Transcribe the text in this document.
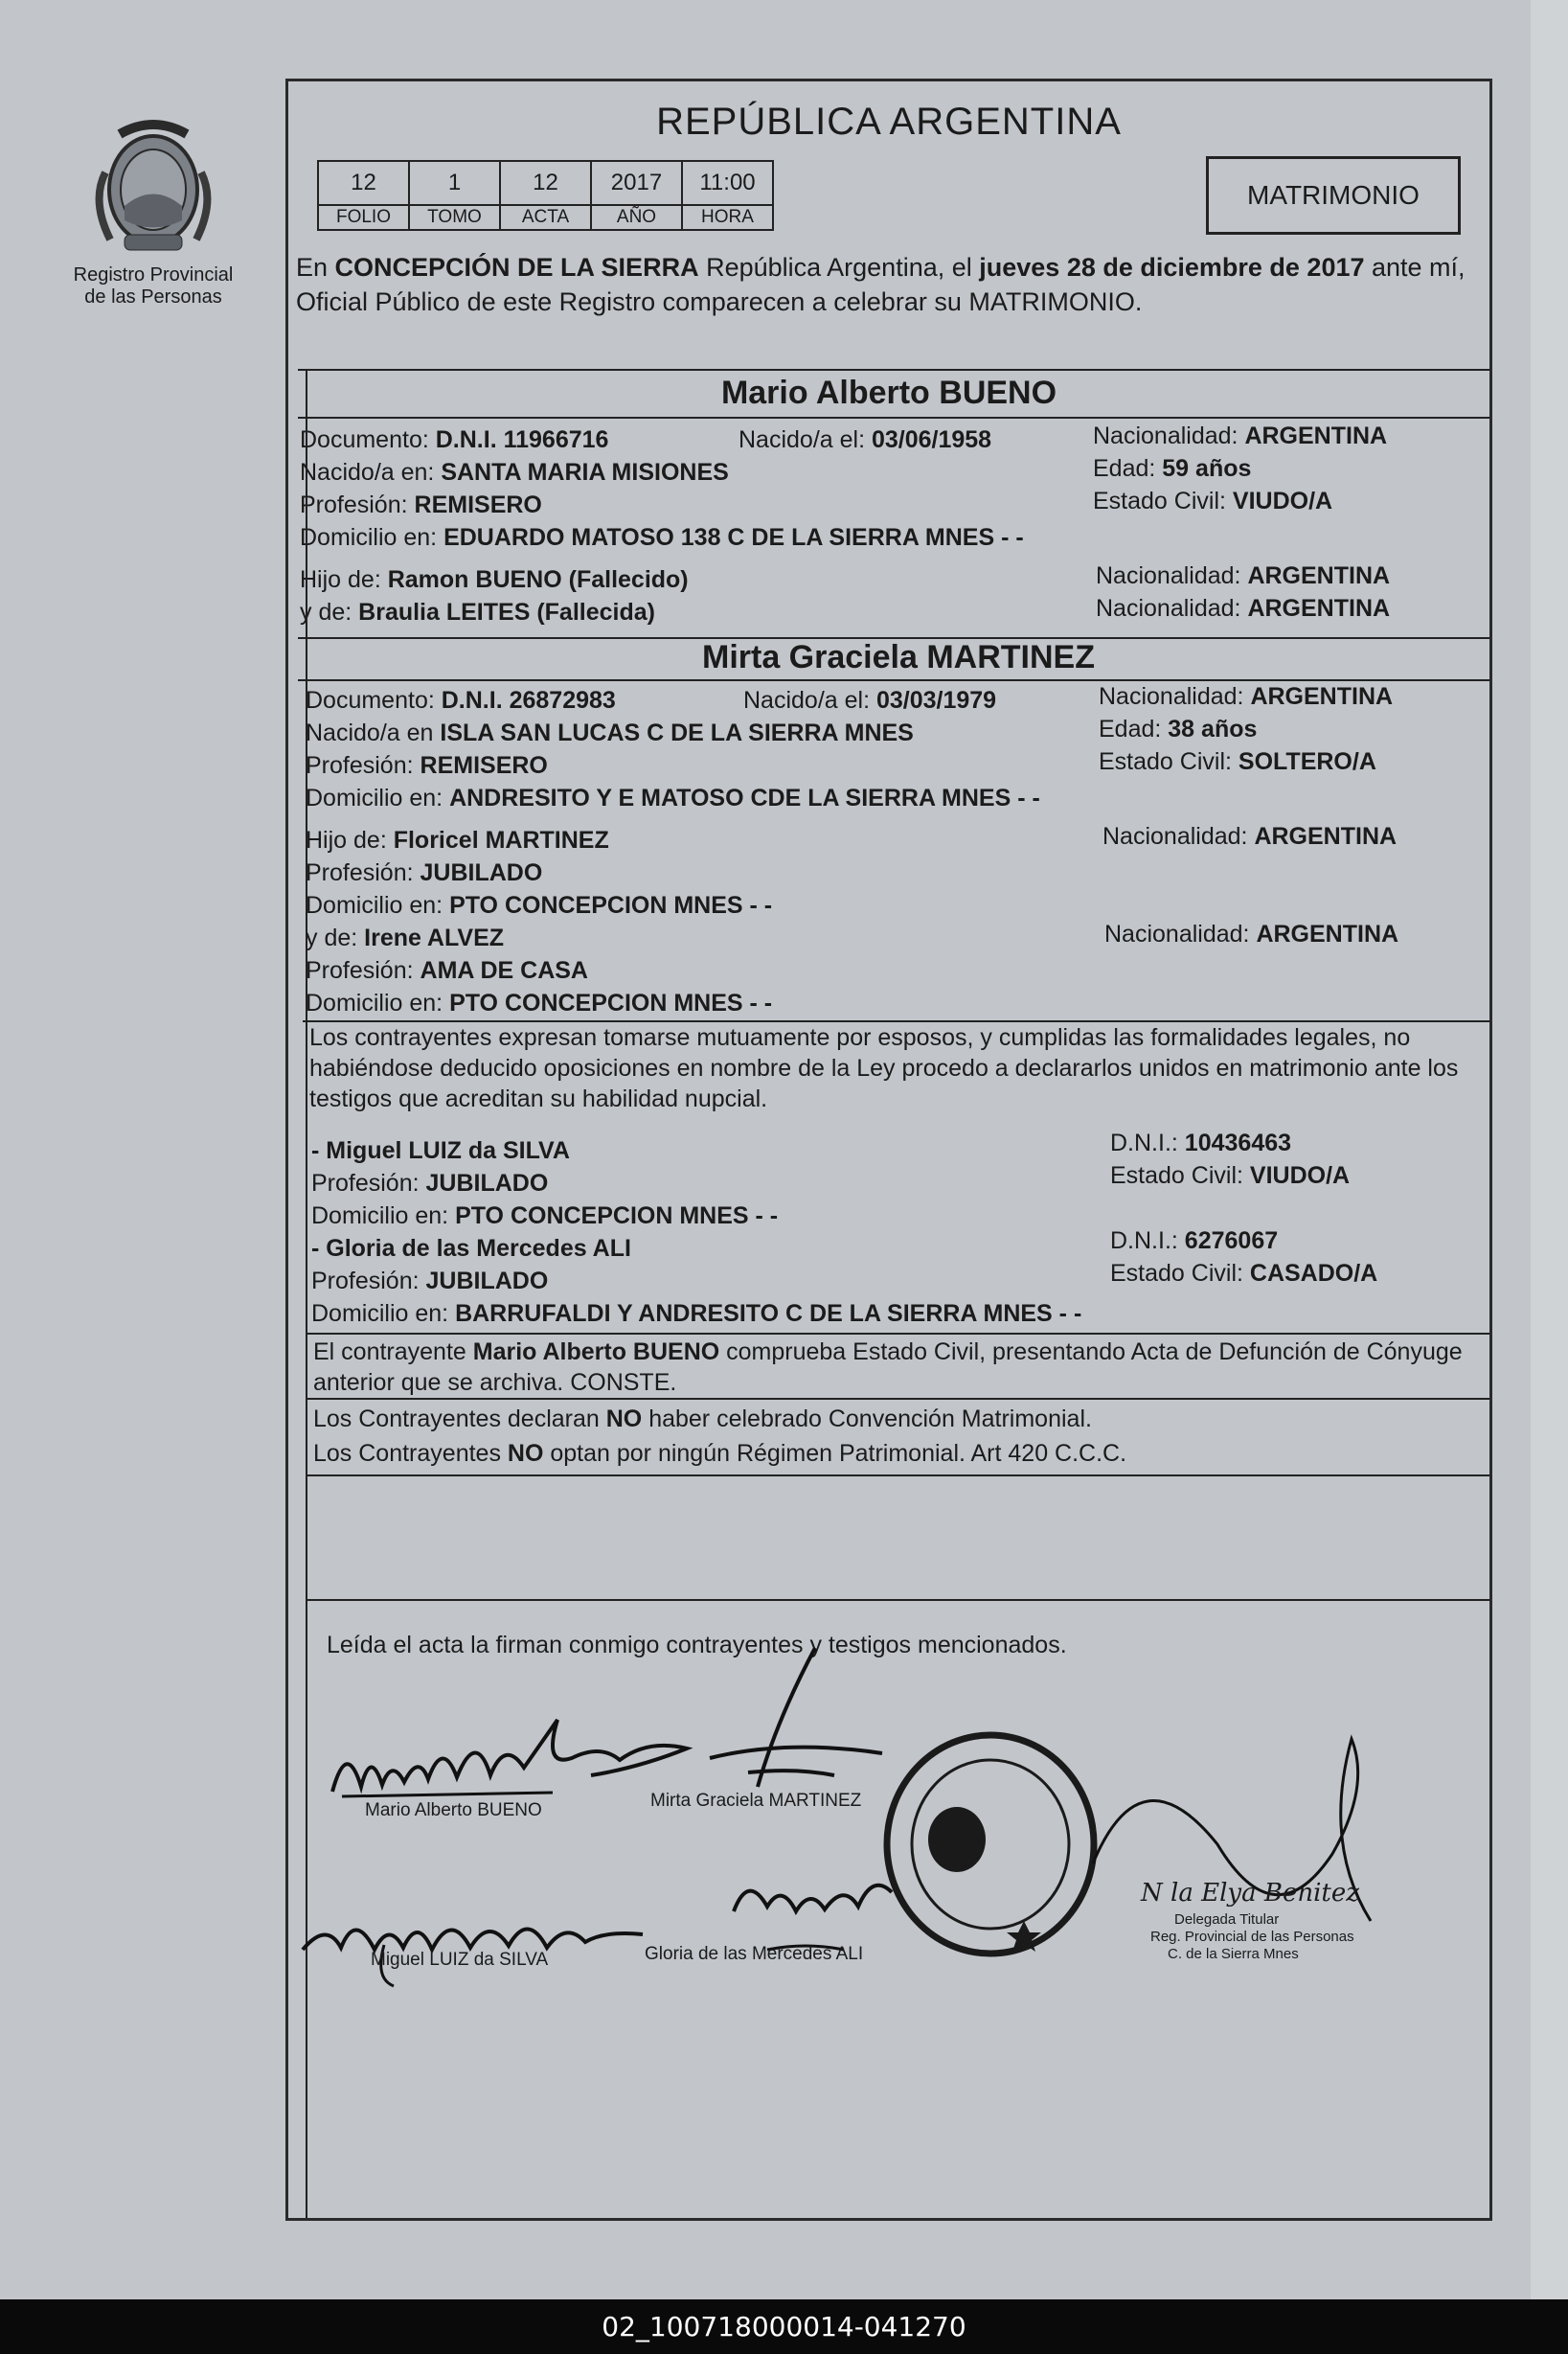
Registro Provincial
de las Personas
REPÚBLICA ARGENTINA
12	1	12	2017	11:00
FOLIO	TOMO	ACTA	AÑO	HORA
MATRIMONIO
En CONCEPCIÓN DE LA SIERRA República Argentina, el jueves 28 de diciembre de 2017 ante mí, Oficial Público de este Registro comparecen a celebrar su MATRIMONIO.
Mario Alberto BUENO
Documento: D.N.I. 11966716	Nacido/a el: 03/06/1958	Nacionalidad: ARGENTINA
Nacido/a en: SANTA MARIA MISIONES	Edad: 59 años
Profesión: REMISERO	Estado Civil: VIUDO/A
Domicilio en: EDUARDO MATOSO 138 C DE LA SIERRA MNES - -
Hijo de: Ramon BUENO (Fallecido)	Nacionalidad: ARGENTINA
y de: Braulia LEITES (Fallecida)	Nacionalidad: ARGENTINA
Mirta Graciela MARTINEZ
Documento: D.N.I. 26872983	Nacido/a el: 03/03/1979	Nacionalidad: ARGENTINA
Nacido/a en ISLA SAN LUCAS C DE LA SIERRA MNES	Edad: 38 años
Profesión: REMISERO	Estado Civil: SOLTERO/A
Domicilio en: ANDRESITO Y E MATOSO CDE LA SIERRA MNES - -
Hijo de: Floricel MARTINEZ	Nacionalidad: ARGENTINA
Profesión: JUBILADO
Domicilio en: PTO CONCEPCION MNES - -
y de: Irene ALVEZ	Nacionalidad: ARGENTINA
Profesión: AMA DE CASA
Domicilio en: PTO CONCEPCION MNES - -
Los contrayentes expresan tomarse mutuamente por esposos, y cumplidas las formalidades legales, no habiéndose deducido oposiciones en nombre de la Ley procedo a declararlos unidos en matrimonio ante los testigos que acreditan su habilidad nupcial.
- Miguel LUIZ da SILVA	D.N.I.: 10436463
Profesión: JUBILADO	Estado Civil: VIUDO/A
Domicilio en: PTO CONCEPCION MNES - -
- Gloria de las Mercedes ALI	D.N.I.: 6276067
Profesión: JUBILADO	Estado Civil: CASADO/A
Domicilio en: BARRUFALDI Y ANDRESITO C DE LA SIERRA MNES - -
El contrayente Mario Alberto BUENO comprueba Estado Civil, presentando Acta de Defunción de Cónyuge anterior que se archiva. CONSTE.
Los Contrayentes declaran NO haber celebrado Convención Matrimonial.
Los Contrayentes NO optan por ningún Régimen Patrimonial. Art 420 C.C.C.
Leída el acta la firman conmigo contrayentes y testigos mencionados.
Mario Alberto BUENO	Mirta Graciela MARTINEZ
Miguel LUIZ da SILVA	Gloria de las Mercedes ALI
N la Elya Benitez
Delegada Titular
Reg. Provincial de las Personas
C. de la Sierra Mnes
02_100718000014-041270
